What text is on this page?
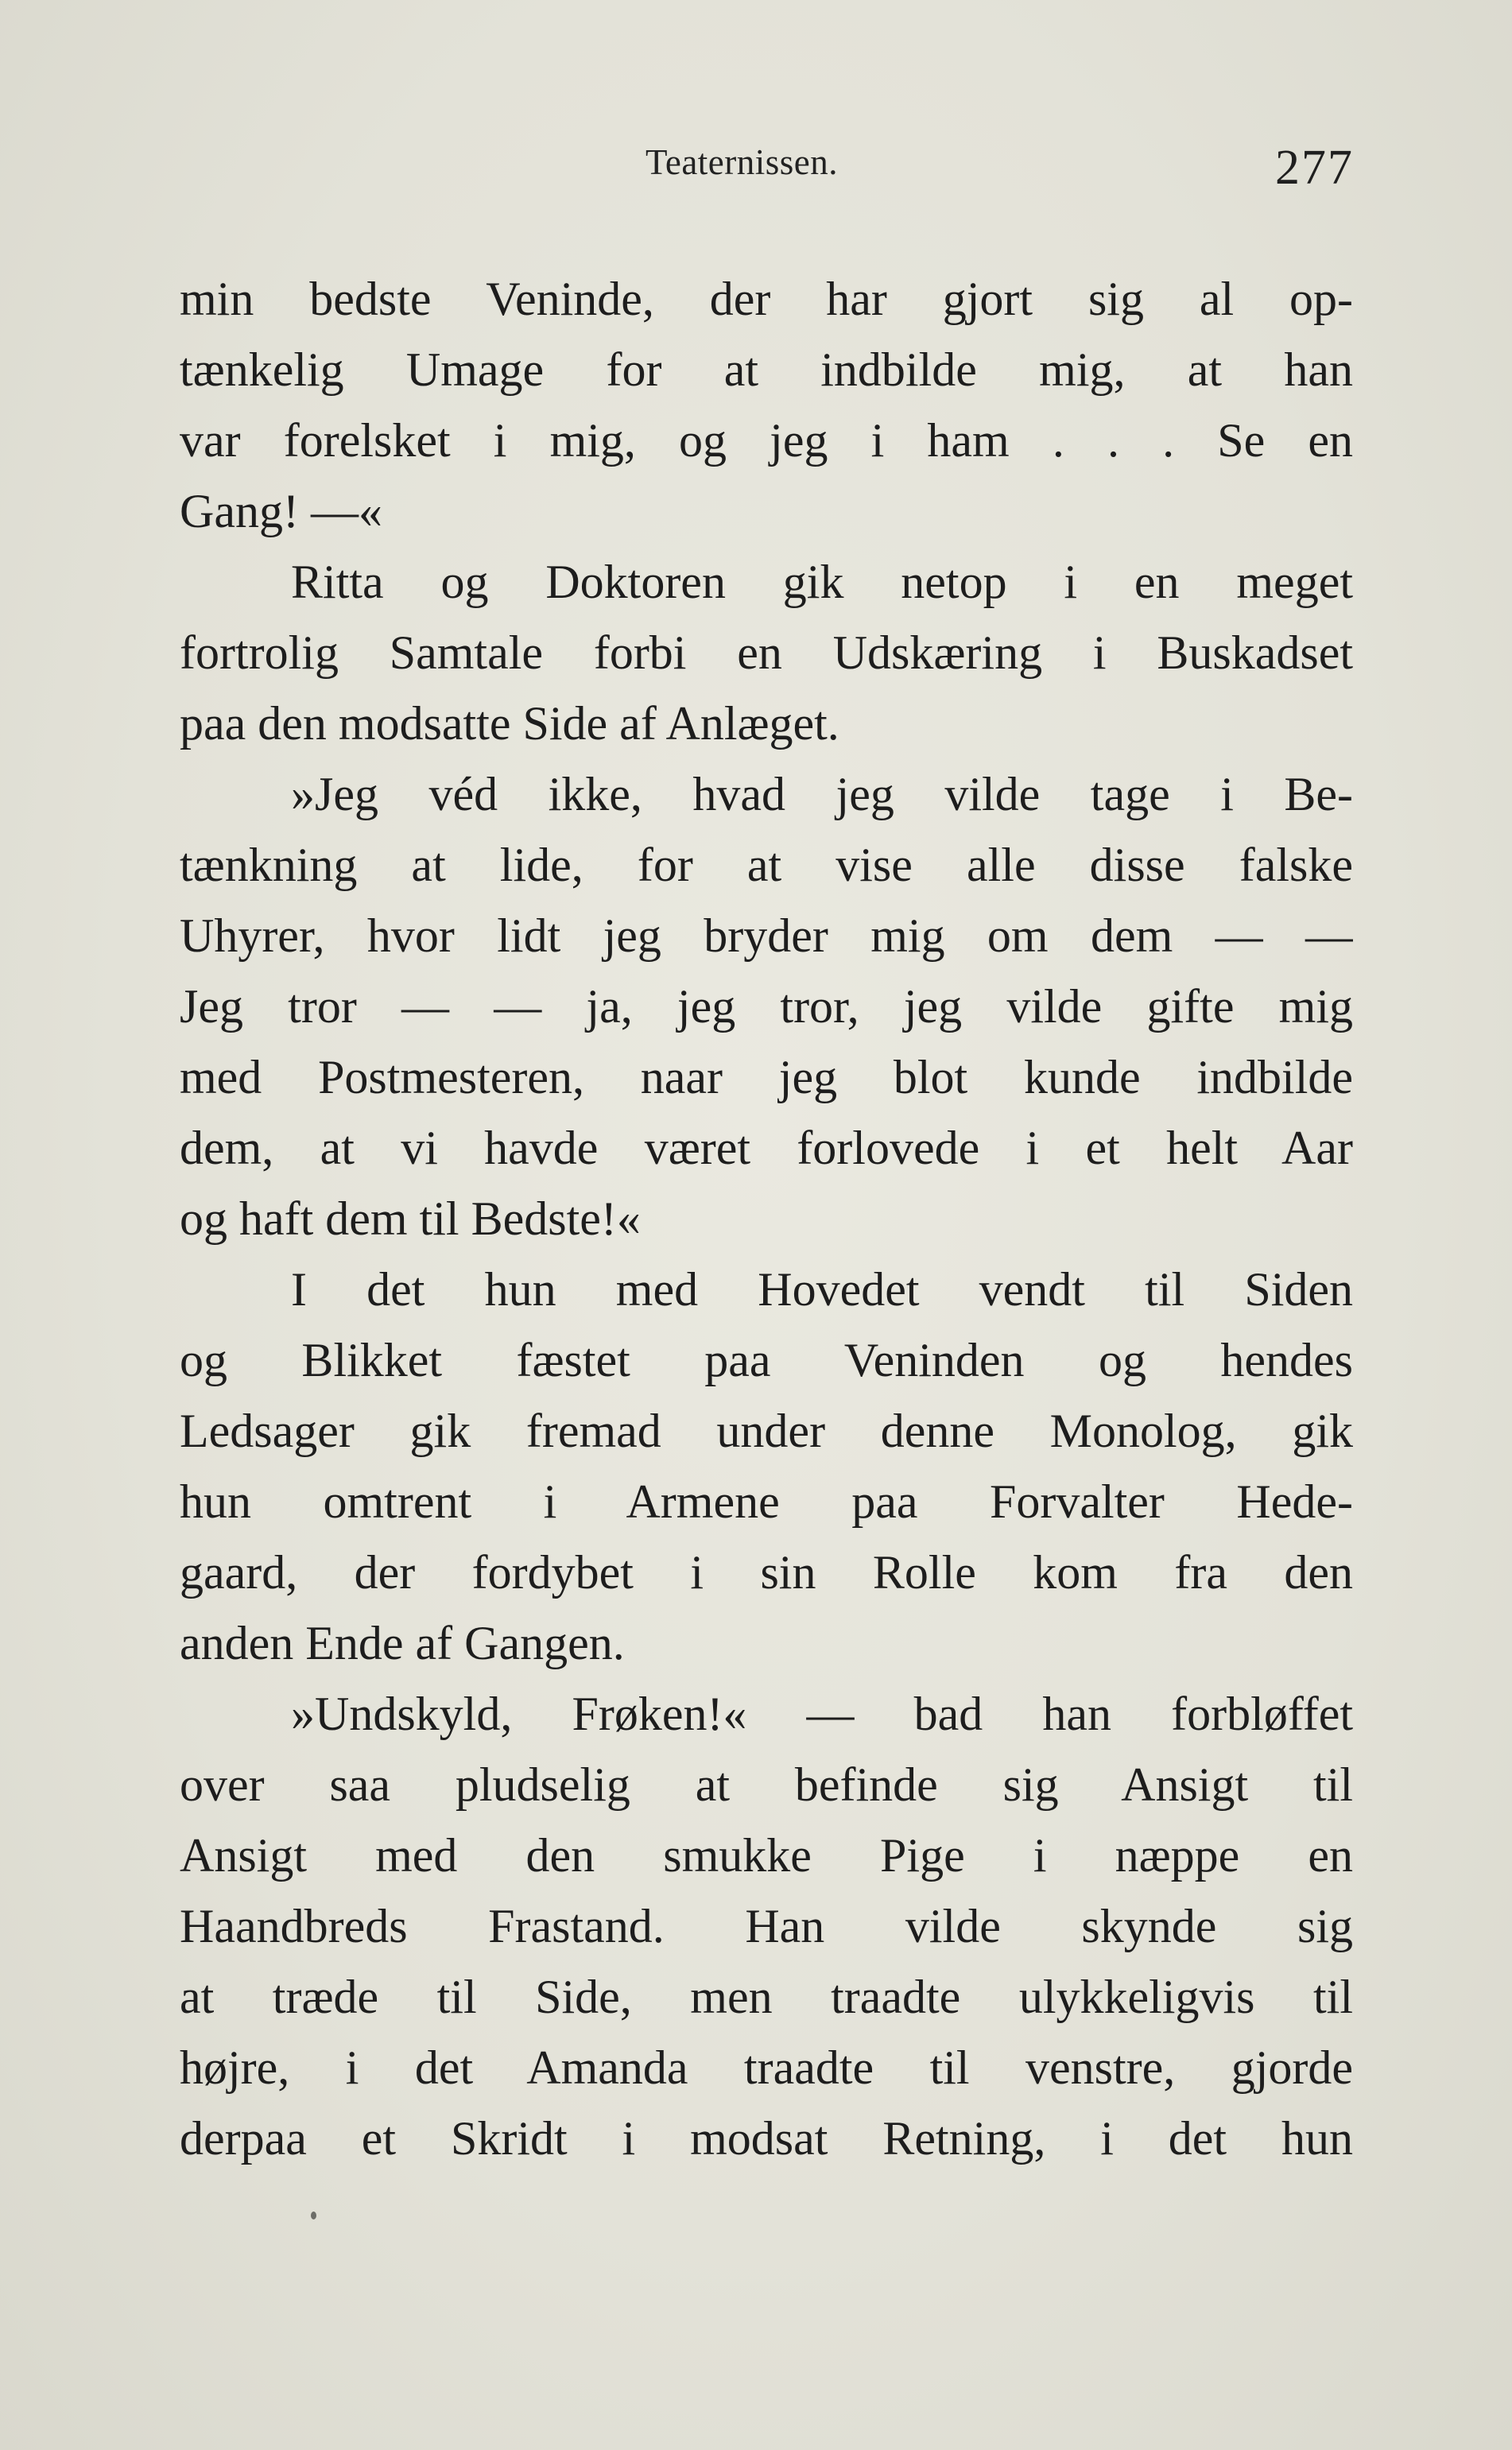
Teaternissen.	277
min bedste Veninde, der har gjort sig al op-
tænkelig Umage for at indbilde mig, at han
var forelsket i mig, og jeg i ham . . . Se en
Gang! —«
Ritta og Doktoren gik netop i en meget
fortrolig Samtale forbi en Udskæring i Buskadset
paa den modsatte Side af Anlæget.
»Jeg véd ikke, hvad jeg vilde tage i Be-
tænkning at lide, for at vise alle disse falske
Uhyrer, hvor lidt jeg bryder mig om dem — —
Jeg tror — — ja, jeg tror, jeg vilde gifte mig
med Postmesteren, naar jeg blot kunde indbilde
dem, at vi havde været forlovede i et helt Aar
og haft dem til Bedste!«
I det hun med Hovedet vendt til Siden
og Blikket fæstet paa Veninden og hendes
Ledsager gik fremad under denne Monolog, gik
hun omtrent i Armene paa Forvalter Hede-
gaard, der fordybet i sin Rolle kom fra den
anden Ende af Gangen.
»Undskyld, Frøken!« — bad han forbløffet
over saa pludselig at befinde sig Ansigt til
Ansigt med den smukke Pige i næppe en
Haandbreds Frastand. Han vilde skynde sig
at træde til Side, men traadte ulykkeligvis til
højre, i det Amanda traadte til venstre, gjorde
derpaa et Skridt i modsat Retning, i det hun
